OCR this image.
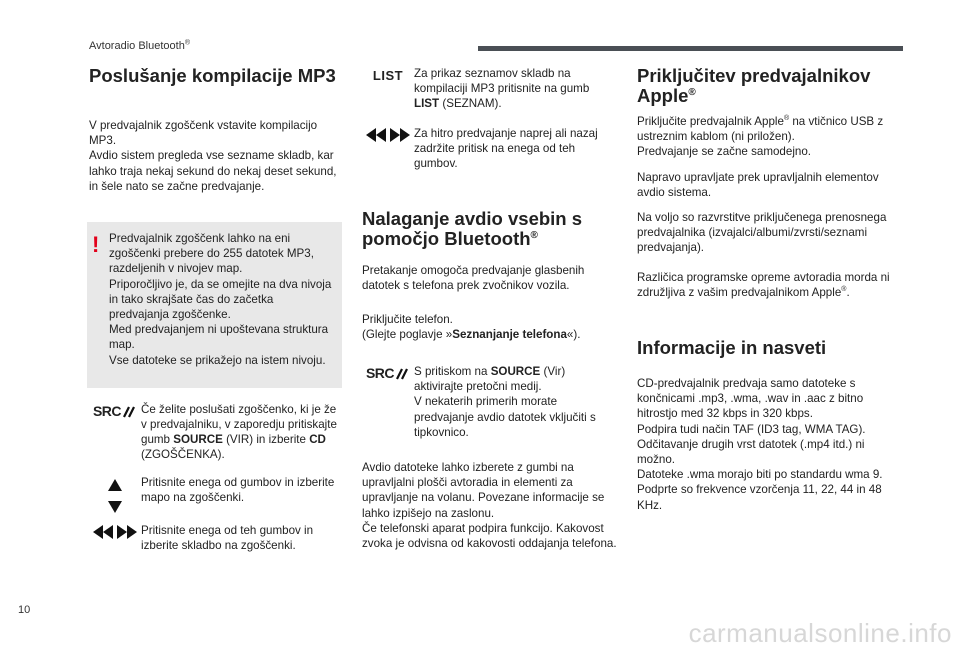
Avtoradio Bluetooth®
10
carmanualsonline.info
Poslušanje kompilacije MP3

V predvajalnik zgoščenk vstavite kompilacijo MP3.

Avdio sistem pregleda vse sezname skladb, kar lahko traja nekaj sekund do nekaj deset sekund, in šele nato se začne predvajanje.

! Predvajalnik zgoščenk lahko na eni zgoščenki prebere do 255 datotek MP3, razdeljenih v nivojev map.

Priporočljivo je, da se omejite na dva nivoja in tako skrajšate čas do začetka predvajanja zgoščenke.

Med predvajanjem ni upoštevana struktura map.

Vse datoteke se prikažejo na istem nivoju.

SRC Če želite poslušati zgoščenko, ki je že v predvajalniku, v zaporedju pritiskajte gumb SOURCE (VIR) in izberite CD (ZGOŠČENKA).

Pritisnite enega od gumbov in izberite mapo na zgoščenki.

Pritisnite enega od teh gumbov in izberite skladbo na zgoščenki.

LIST Za prikaz seznamov skladb na kompilaciji MP3 pritisnite na gumb LIST (SEZNAM).

Za hitro predvajanje naprej ali nazaj zadržite pritisk na enega od teh gumbov.

Nalaganje avdio vsebin s pomočjo Bluetooth®

Pretakanje omogoča predvajanje glasbenih datotek s telefona prek zvočnikov vozila.

Priključite telefon.

(Glejte poglavje »Seznanjanje telefona«).

SRC S pritiskom na SOURCE (Vir) aktivirajte pretočni medij.

V nekaterih primerih morate predvajanje avdio datotek vključiti s tipkovnico.

Avdio datoteke lahko izberete z gumbi na upravljalni plošči avtoradia in elementi za upravljanje na volanu. Povezane informacije se lahko izpišejo na zaslonu.

Če telefonski aparat podpira funkcijo. Kakovost zvoka je odvisna od kakovosti oddajanja telefona.

Priključitev predvajalnikov Apple®

Priključite predvajalnik Apple® na vtičnico USB z ustreznim kablom (ni priložen).

Predvajanje se začne samodejno.

Napravo upravljate prek upravljalnih elementov avdio sistema.

Na voljo so razvrstitve priključenega prenosnega predvajalnika (izvajalci/albumi/zvrsti/seznami predvajanja).

Različica programske opreme avtoradia morda ni združljiva z vašim predvajalnikom Apple®.

Informacije in nasveti

CD-predvajalnik predvaja samo datoteke s končnicami .mp3, .wma, .wav in .aac z bitno hitrostjo med 32 kbps in 320 kbps.

Podpira tudi način TAF (ID3 tag, WMA TAG).

Odčitavanje drugih vrst datotek (.mp4 itd.) ni možno.

Datoteke .wma morajo biti po standardu wma 9.

Podprte so frekvence vzorčenja 11, 22, 44 in 48 KHz.
